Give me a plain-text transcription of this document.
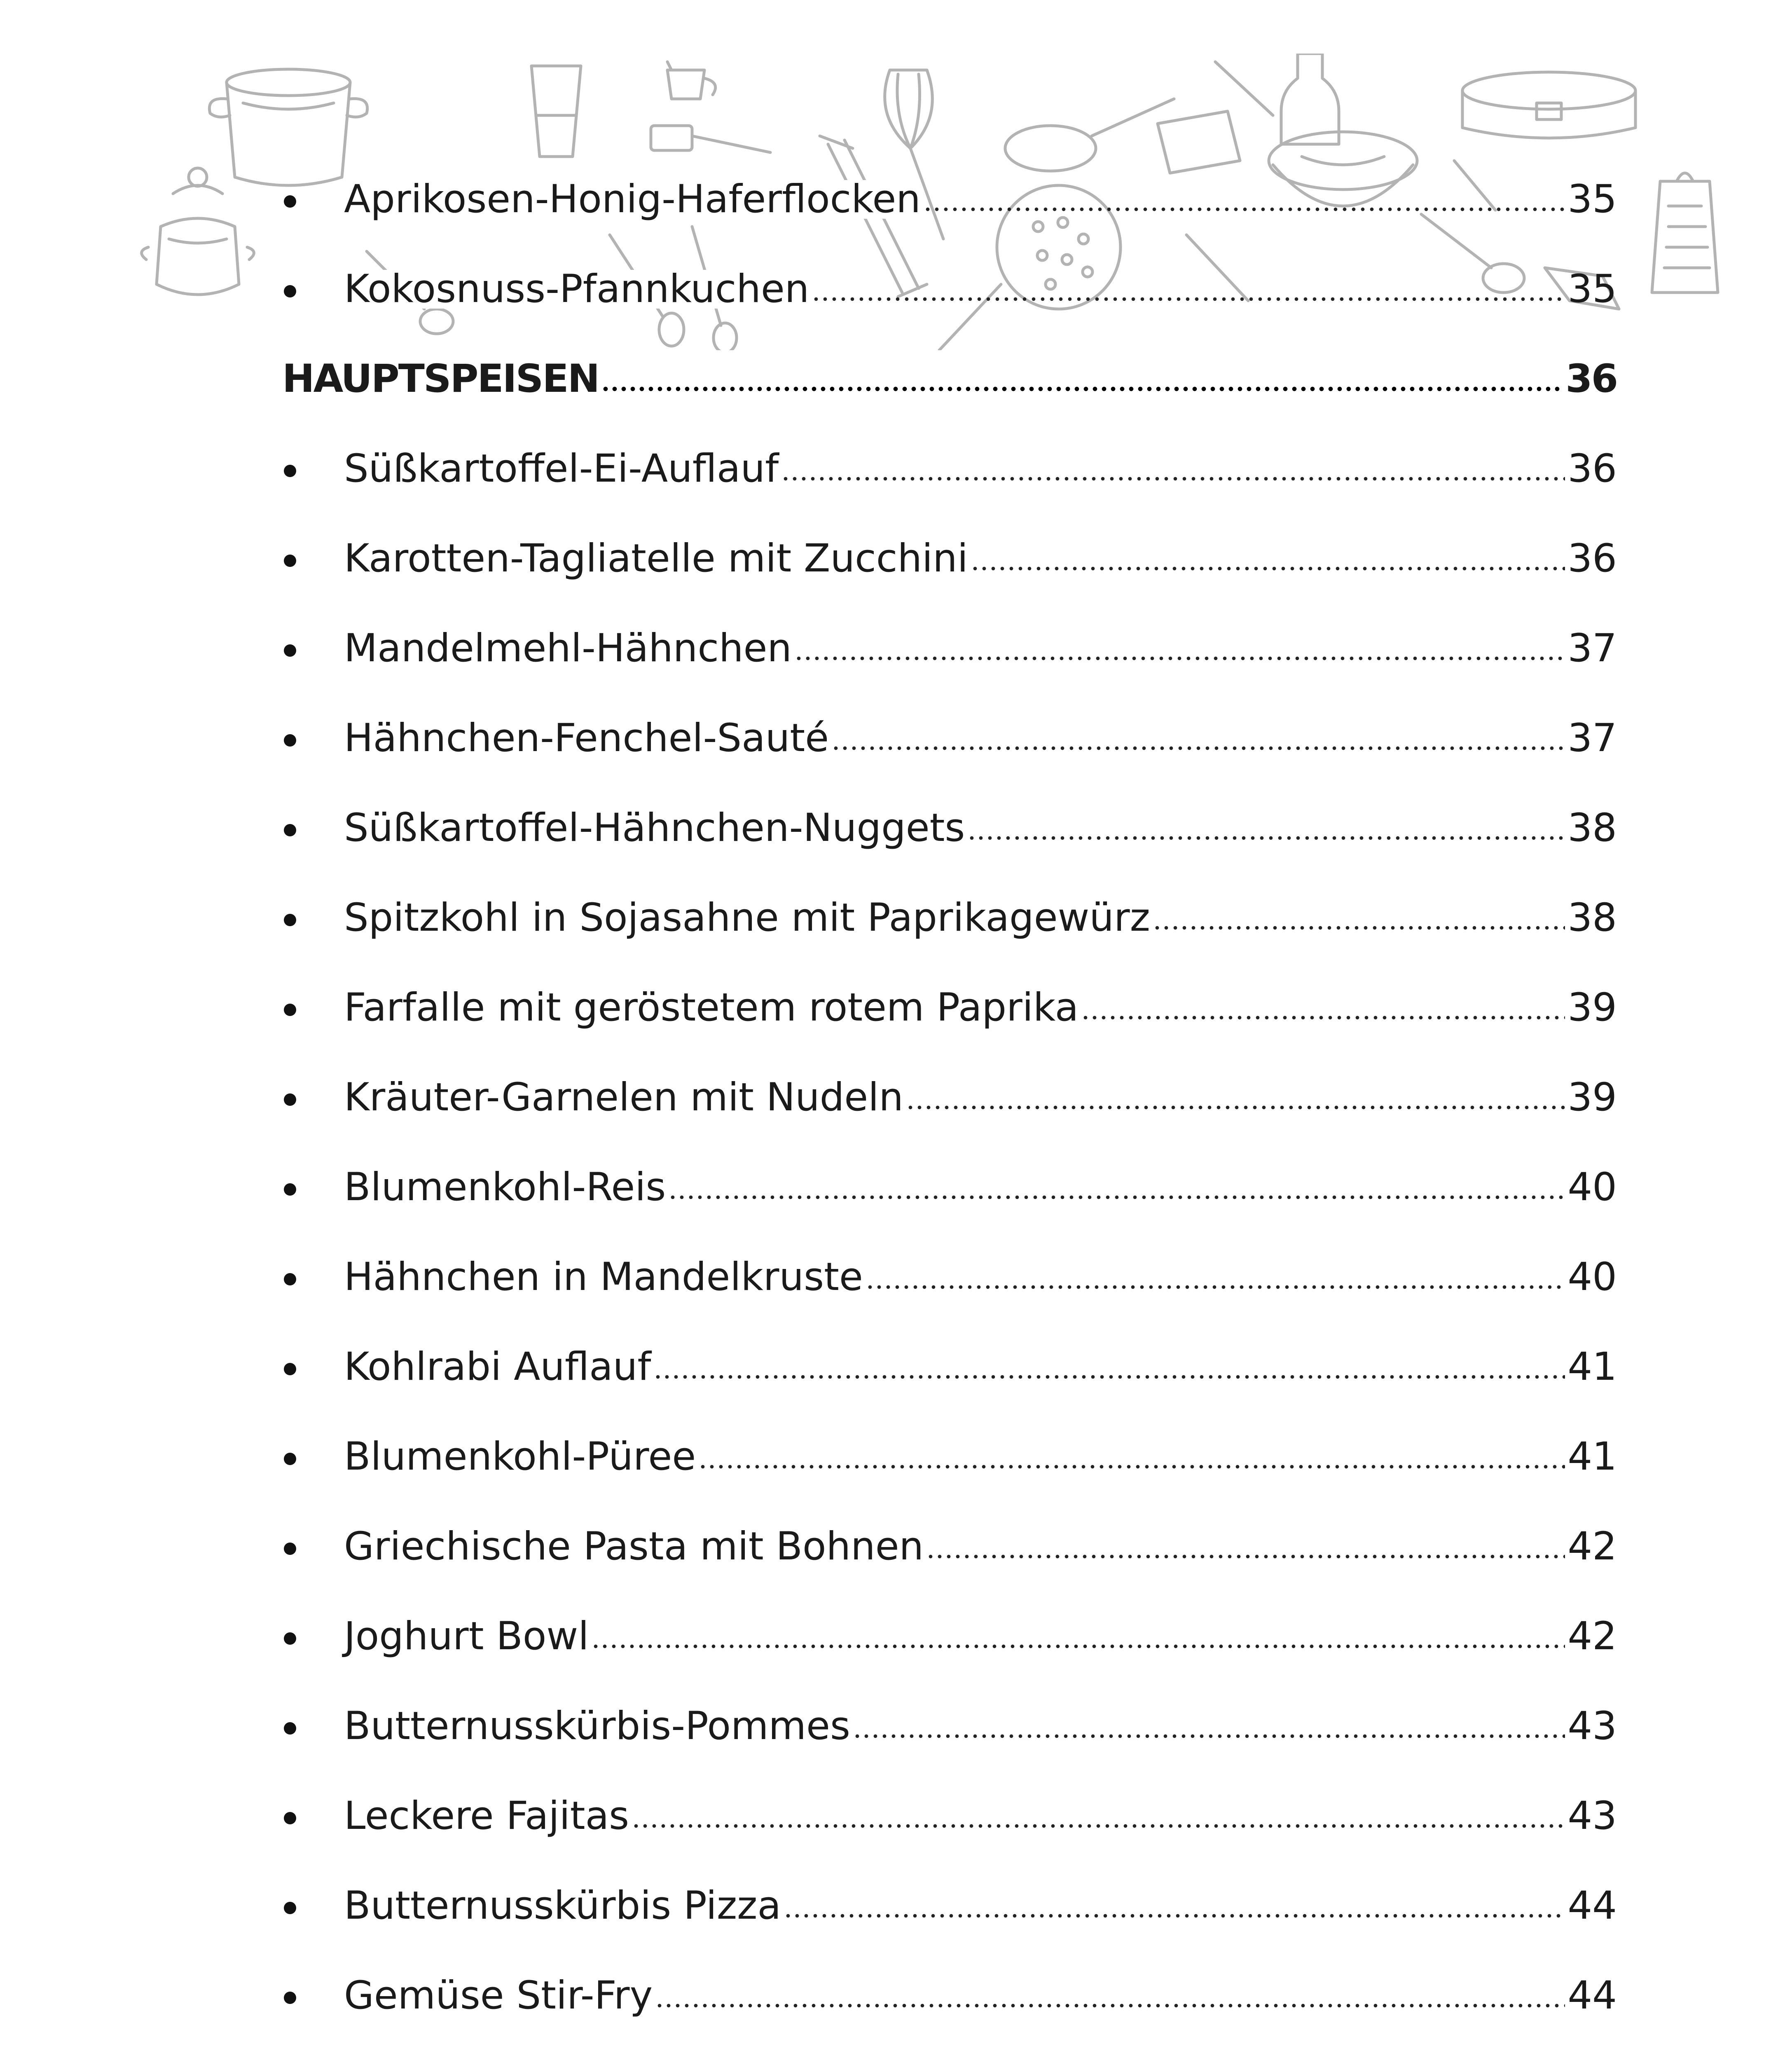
Aprikosen-Honig-Haferflocken	35
Kokosnuss-Pfannkuchen	35
HAUPTSPEISEN	36
Süßkartoffel-Ei-Auflauf	36
Karotten-Tagliatelle mit Zucchini	36
Mandelmehl-Hähnchen	37
Hähnchen-Fenchel-Sauté	37
Süßkartoffel-Hähnchen-Nuggets	38
Spitzkohl in Sojasahne mit Paprikagewürz	38
Farfalle mit geröstetem rotem Paprika	39
Kräuter-Garnelen mit Nudeln	39
Blumenkohl-Reis	40
Hähnchen in Mandelkruste	40
Kohlrabi Auflauf	41
Blumenkohl-Püree	41
Griechische Pasta mit Bohnen	42
Joghurt Bowl	42
Butternusskürbis-Pommes	43
Leckere Fajitas	43
Butternusskürbis Pizza	44
Gemüse Stir-Fry	44
